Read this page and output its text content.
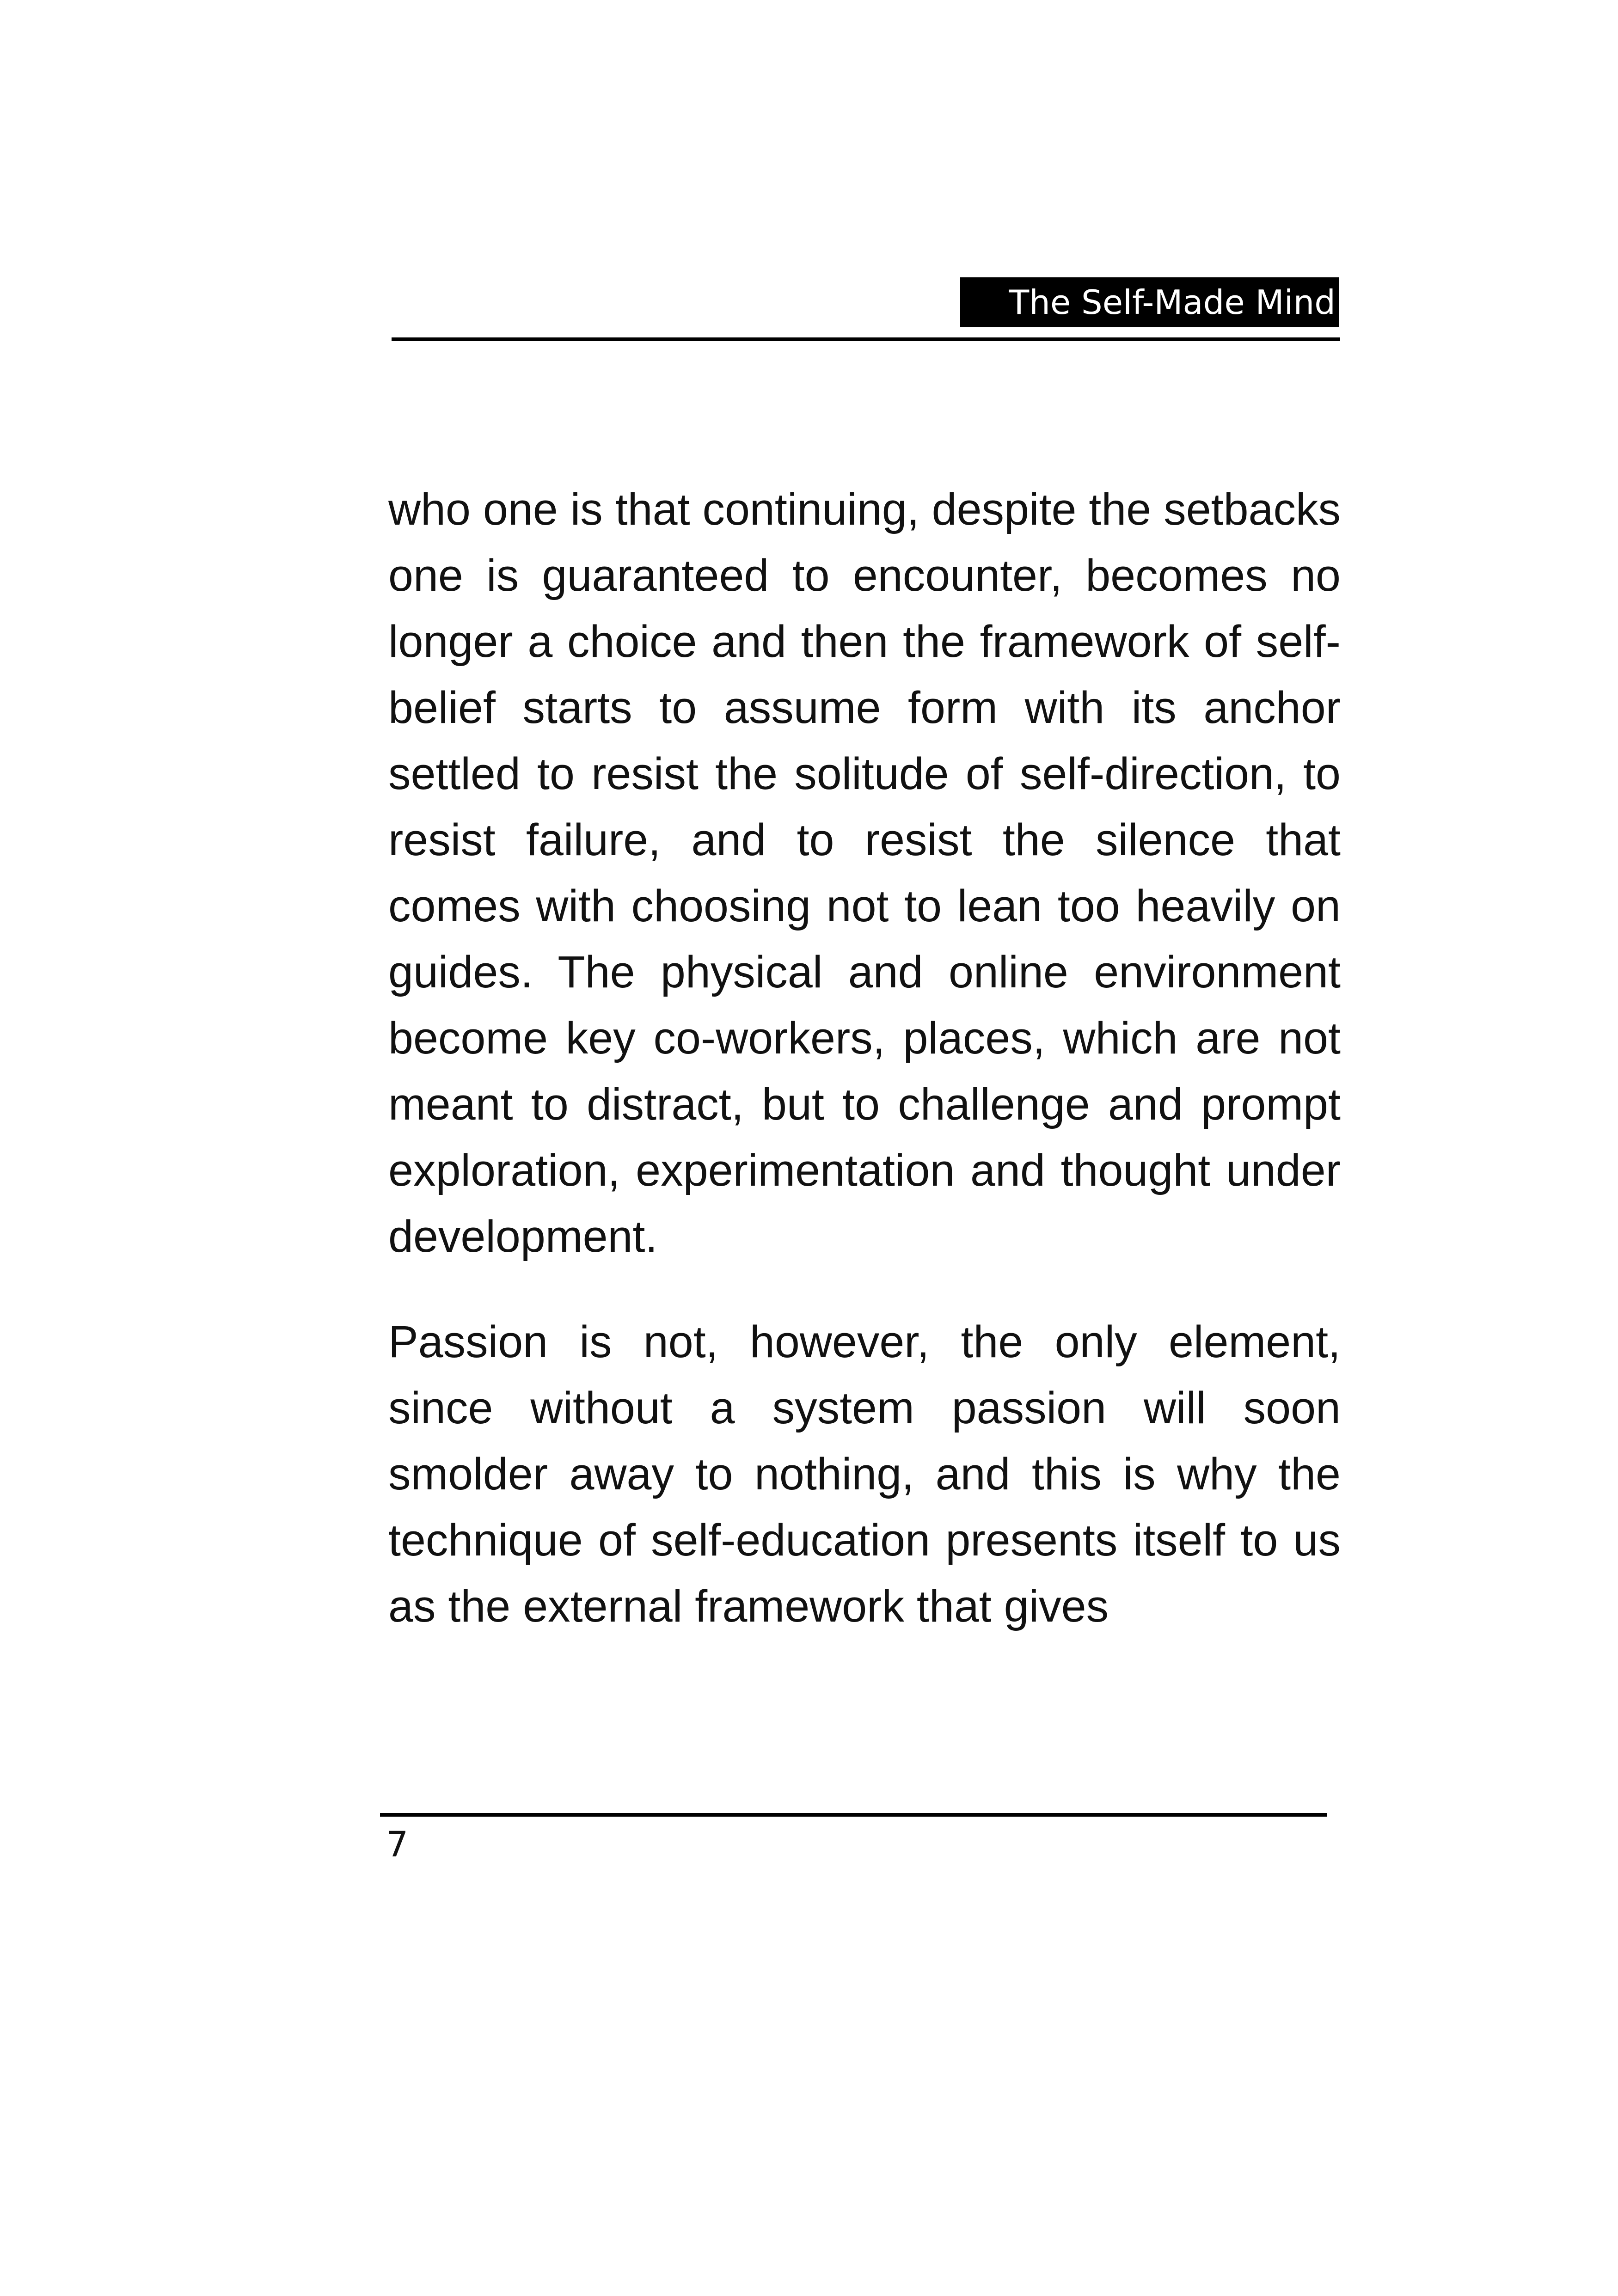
The Self-Made Mind

who one is that continuing, despite the setbacks one is guaranteed to encounter, becomes no longer a choice and then the framework of self-belief starts to assume form with its anchor settled to resist the solitude of self-direction, to resist failure, and to resist the silence that comes with choosing not to lean too heavily on guides. The physical and online environment become key co-workers, places, which are not meant to distract, but to challenge and prompt exploration, experimentation and thought under development.

Passion is not, however, the only element, since without a system passion will soon smolder away to nothing, and this is why the technique of self-education presents itself to us as the external framework that gives

7
